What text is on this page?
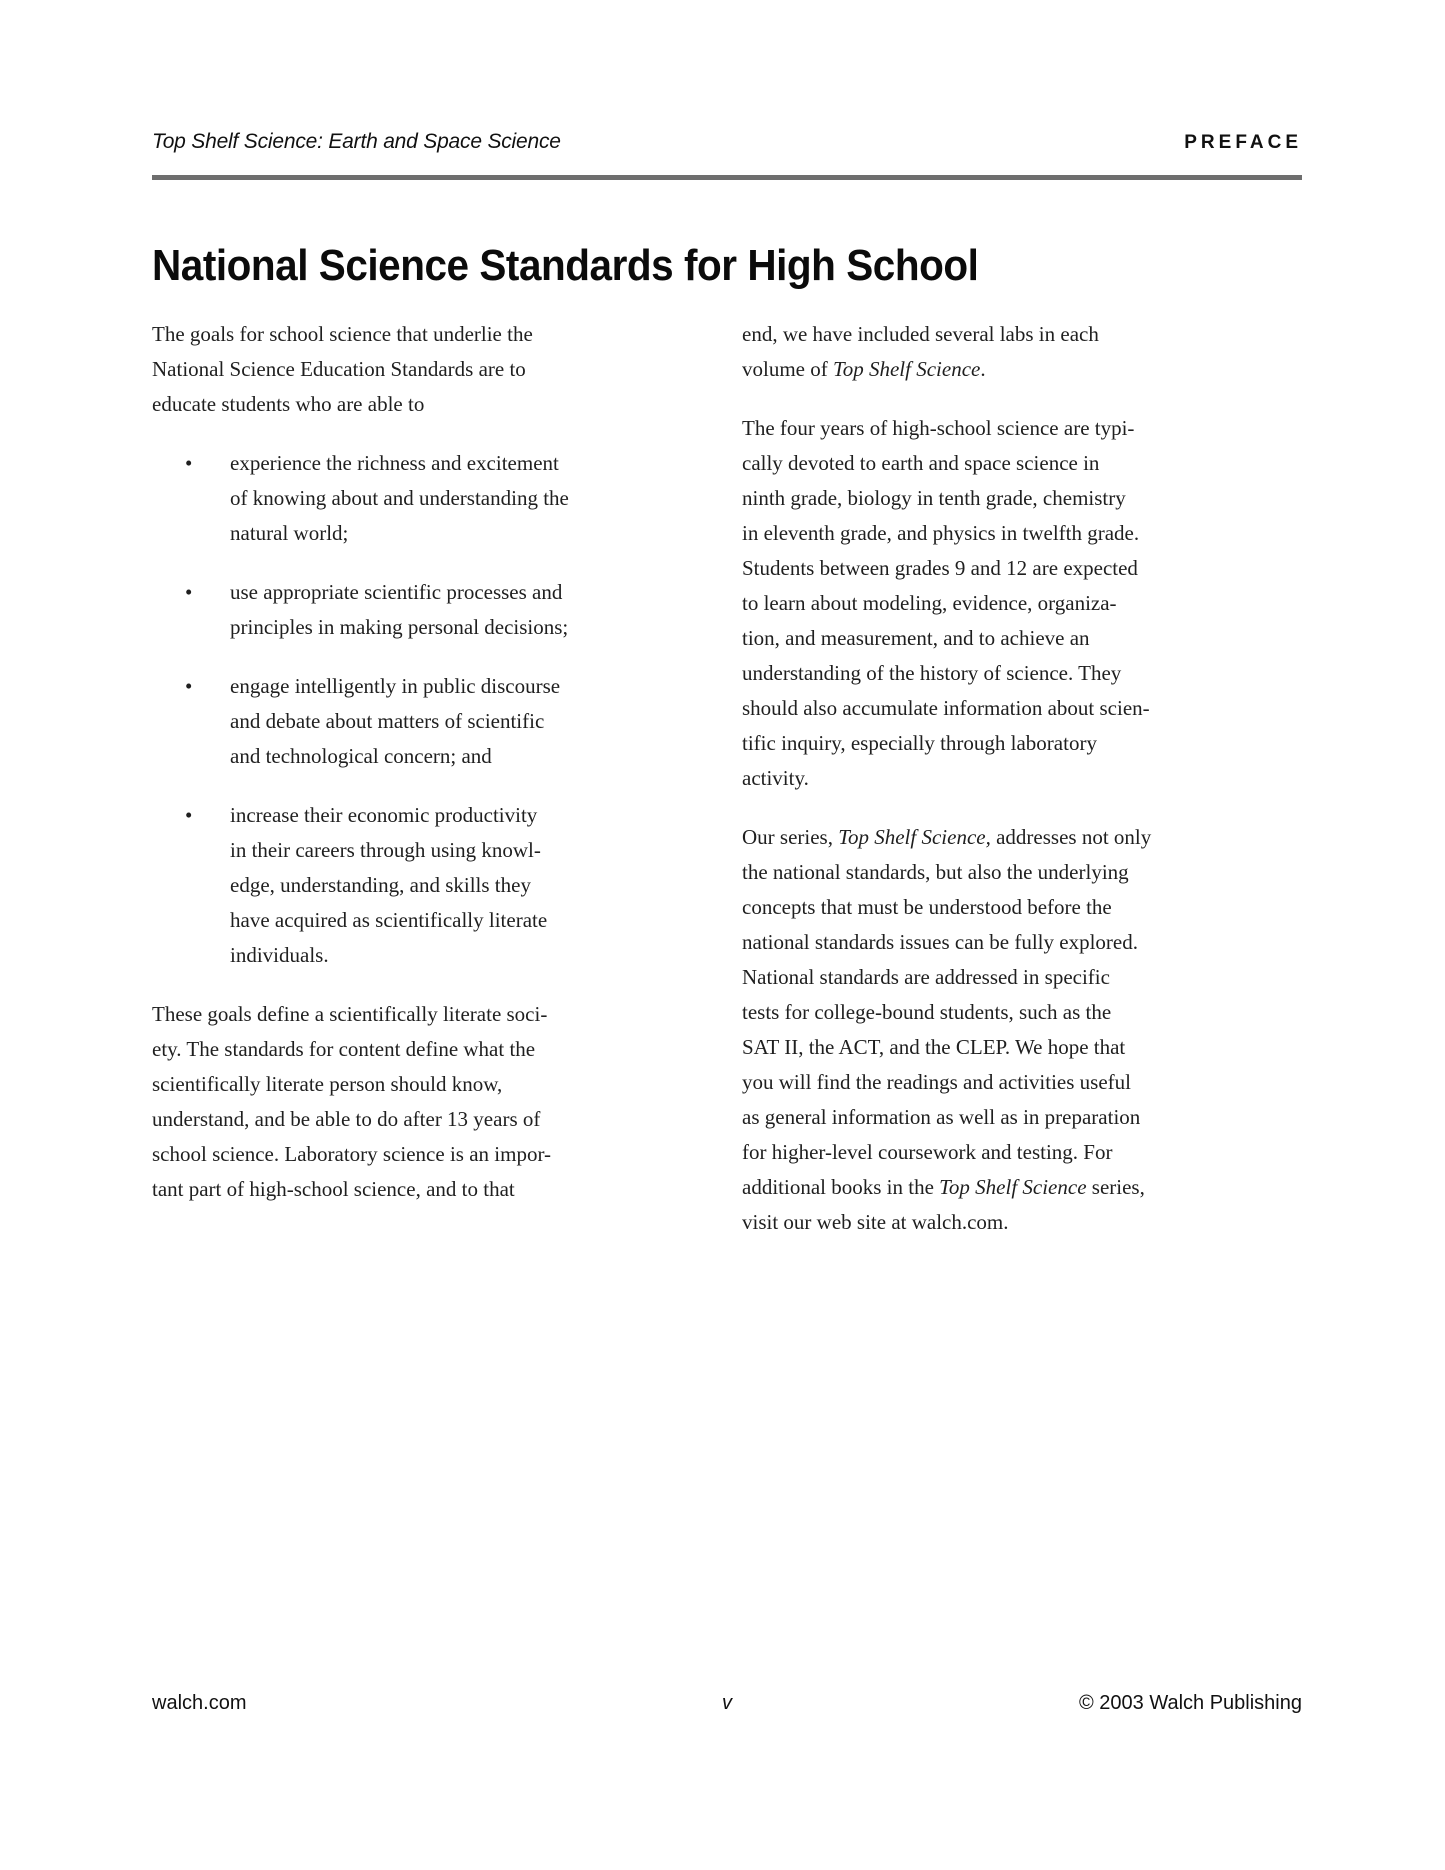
Top Shelf Science: Earth and Space Science	PREFACE
National Science Standards for High School

The goals for school science that underlie the
National Science Education Standards are to
educate students who are able to

• experience the richness and excitement
of knowing about and understanding the
natural world;
• use appropriate scientific processes and
principles in making personal decisions;
• engage intelligently in public discourse
and debate about matters of scientific
and technological concern; and
• increase their economic productivity
in their careers through using knowl-
edge, understanding, and skills they
have acquired as scientifically literate
individuals.

These goals define a scientifically literate soci-
ety. The standards for content define what the
scientifically literate person should know,
understand, and be able to do after 13 years of
school science. Laboratory science is an impor-
tant part of high-school science, and to that

end, we have included several labs in each
volume of Top Shelf Science.

The four years of high-school science are typi-
cally devoted to earth and space science in
ninth grade, biology in tenth grade, chemistry
in eleventh grade, and physics in twelfth grade.
Students between grades 9 and 12 are expected
to learn about modeling, evidence, organiza-
tion, and measurement, and to achieve an
understanding of the history of science. They
should also accumulate information about scien-
tific inquiry, especially through laboratory
activity.

Our series, Top Shelf Science, addresses not only
the national standards, but also the underlying
concepts that must be understood before the
national standards issues can be fully explored.
National standards are addressed in specific
tests for college-bound students, such as the
SAT II, the ACT, and the CLEP. We hope that
you will find the readings and activities useful
as general information as well as in preparation
for higher-level coursework and testing. For
additional books in the Top Shelf Science series,
visit our web site at walch.com.

walch.com	v	© 2003 Walch Publishing
